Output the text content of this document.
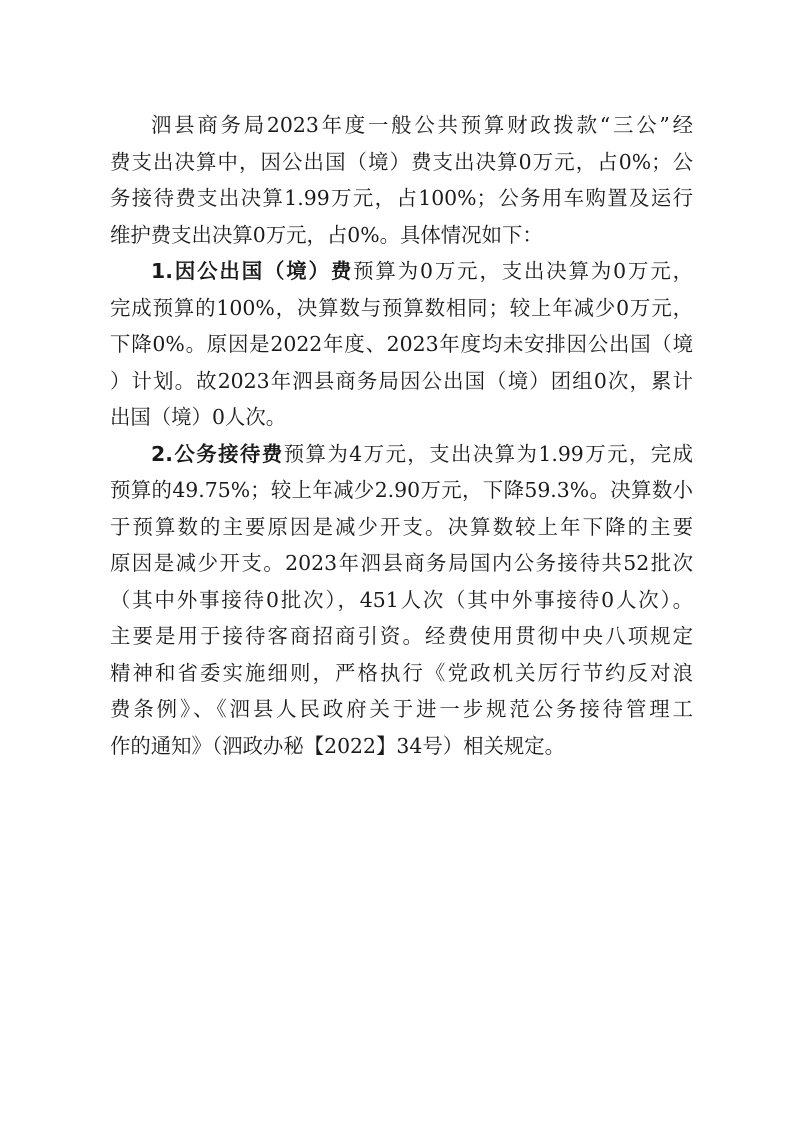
泗县商务局2023年度一般公共预算财政拨款“三公”经
费支出决算中，因公出国（境）费支出决算0万元，占0%；公
务接待费支出决算1.99万元，占100%；公务用车购置及运行
维护费支出决算0万元，占0%。具体情况如下：
1.因公出国（境）费预算为0万元，支出决算为0万元，
完成预算的100%，决算数与预算数相同；较上年减少0万元，
下降0%。原因是2022年度、2023年度均未安排因公出国（境
）计划。故2023年泗县商务局因公出国（境）团组0次，累计
出国（境）0人次。
2.公务接待费预算为4万元，支出决算为1.99万元，完成
预算的49.75%；较上年减少2.90万元，下降59.3%。决算数小
于预算数的主要原因是减少开支。决算数较上年下降的主要
原因是减少开支。2023年泗县商务局国内公务接待共52批次
（其中外事接待0批次），451人次（其中外事接待0人次）。
主要是用于接待客商招商引资。经费使用贯彻中央八项规定
精神和省委实施细则，严格执行《党政机关厉行节约反对浪
费条例》、《泗县人民政府关于进一步规范公务接待管理工
作的通知》（泗政办秘【2022】34号）相关规定。
